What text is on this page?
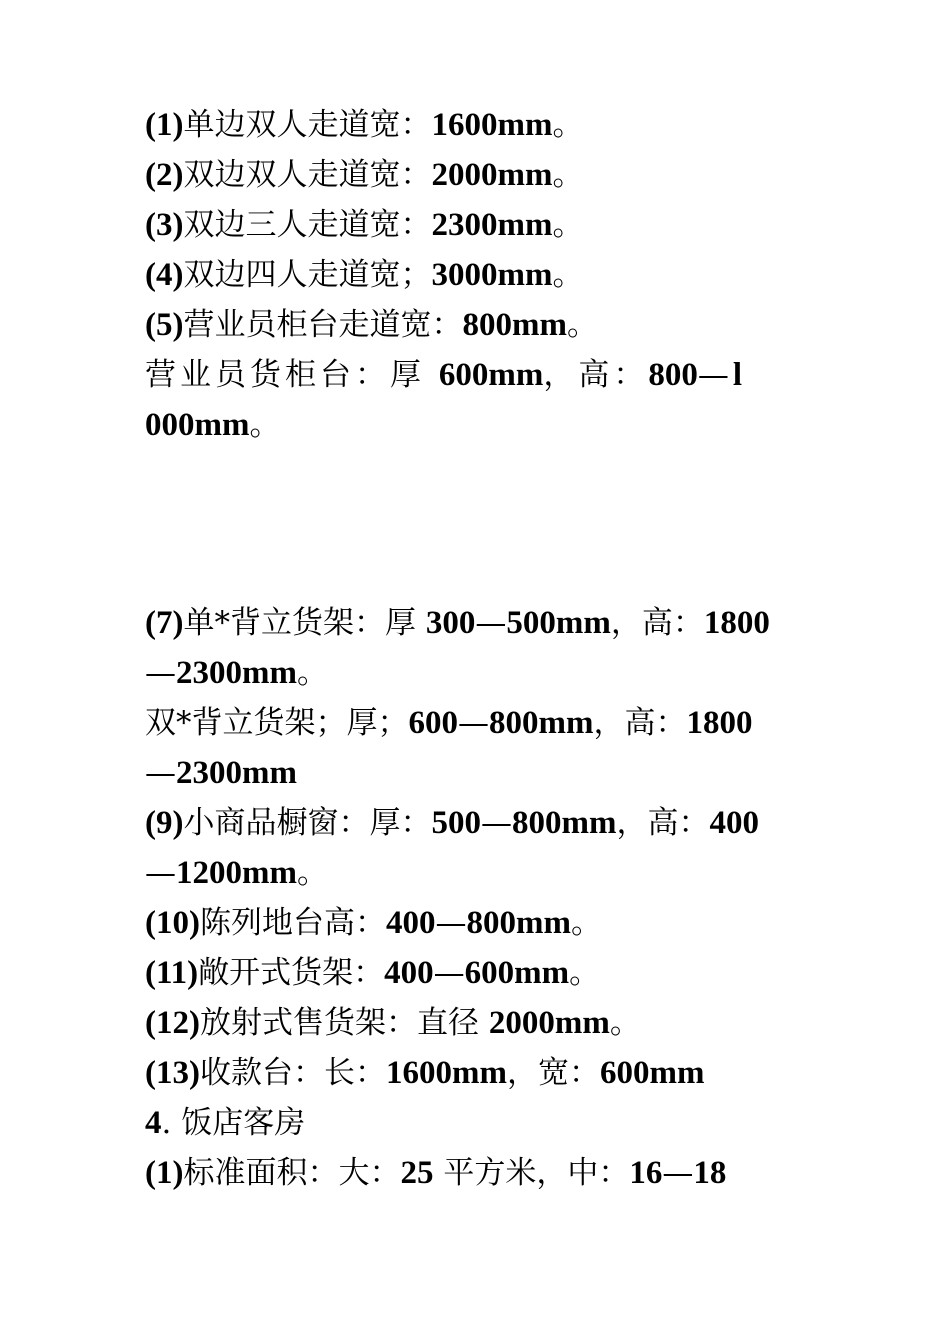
(1)单边双人走道宽：1600mm。
(2)双边双人走道宽：2000mm。
(3)双边三人走道宽：2300mm。
(4)双边四人走道宽；3000mm。
(5)营业员柜台走道宽：800mm。
营业员货柜台：厚 600mm，高：800—l
000mm。
(7)单*背立货架：厚 300—500mm，高：1800
—2300mm。
双*背立货架；厚；600—800mm，高：1800
—2300mm
(9)小商品橱窗：厚：500—800mm，高：400
—1200mm。
(10)陈列地台高：400—800mm。
(11)敞开式货架：400—600mm。
(12)放射式售货架：直径 2000mm。
(13)收款台：长：1600mm，宽：600mm
4. 饭店客房
(1)标准面积：大：25 平方米，中：16—18
